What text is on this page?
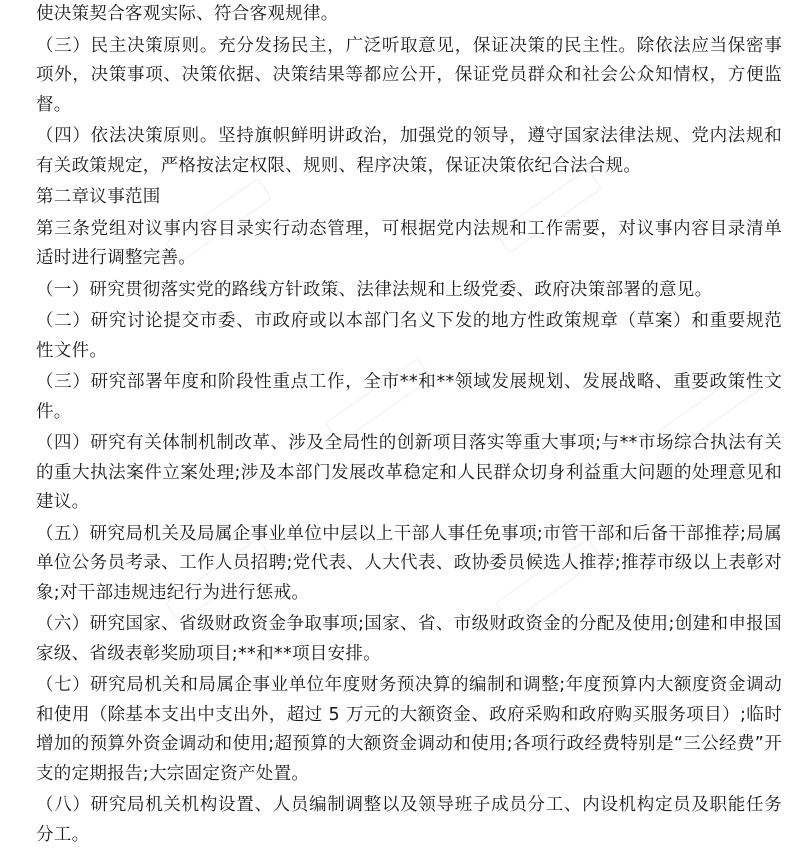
使决策契合客观实际、符合客观规律。

（三）民主决策原则。充分发扬民主，广泛听取意见，保证决策的民主性。除依法应当保密事项外，决策事项、决策依据、决策结果等都应公开，保证党员群众和社会公众知情权，方便监督。

（四）依法决策原则。坚持旗帜鲜明讲政治，加强党的领导，遵守国家法律法规、党内法规和有关政策规定，严格按法定权限、规则、程序决策，保证决策依纪合法合规。

第二章议事范围

第三条党组对议事内容目录实行动态管理，可根据党内法规和工作需要，对议事内容目录清单适时进行调整完善。

（一）研究贯彻落实党的路线方针政策、法律法规和上级党委、政府决策部署的意见。

（二）研究讨论提交市委、市政府或以本部门名义下发的地方性政策规章（草案）和重要规范性文件。

（三）研究部署年度和阶段性重点工作，全市**和**领域发展规划、发展战略、重要政策性文件。

（四）研究有关体制机制改革、涉及全局性的创新项目落实等重大事项;与**市场综合执法有关的重大执法案件立案处理;涉及本部门发展改革稳定和人民群众切身利益重大问题的处理意见和建议。

（五）研究局机关及局属企事业单位中层以上干部人事任免事项;市管干部和后备干部推荐;局属单位公务员考录、工作人员招聘;党代表、人大代表、政协委员候选人推荐;推荐市级以上表彰对象;对干部违规违纪行为进行惩戒。

（六）研究国家、省级财政资金争取事项;国家、省、市级财政资金的分配及使用;创建和申报国家级、省级表彰奖励项目;**和**项目安排。

（七）研究局机关和局属企事业单位年度财务预决算的编制和调整;年度预算内大额度资金调动和使用（除基本支出中支出外，超过 5 万元的大额资金、政府采购和政府购买服务项目）;临时增加的预算外资金调动和使用;超预算的大额资金调动和使用;各项行政经费特别是“三公经费”开支的定期报告;大宗固定资产处置。

（八）研究局机关机构设置、人员编制调整以及领导班子成员分工、内设机构定员及职能任务分工。
